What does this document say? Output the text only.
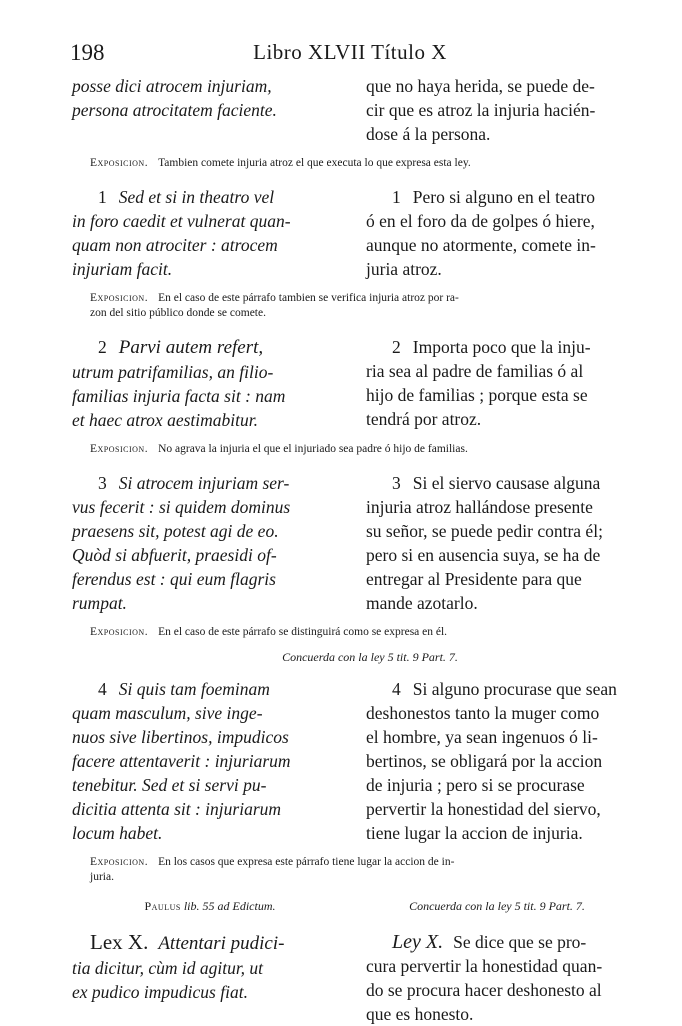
198	Libro XLVII Título X
posse dici atrocem injuriam,
persona atrocitatem faciente.
que no haya herida, se puede de-
cir que es atroz la injuria hacién-
dose á la persona.
Exposicion. Tambien comete injuria atroz el que executa lo que expresa esta ley.
1 Sed et si in theatro vel
in foro caedit et vulnerat quan-
quam non atrociter : atrocem
injuriam facit.
1 Pero si alguno en el teatro
ó en el foro da de golpes ó hiere,
aunque no atormente, comete in-
juria atroz.
Exposicion. En el caso de este párrafo tambien se verifica injuria atroz por ra-
zon del sitio público donde se comete.
2 Parvi autem refert,
utrum patrifamilias, an filio-
familias injuria facta sit : nam
et haec atrox aestimabitur.
2 Importa poco que la inju-
ria sea al padre de familias ó al
hijo de familias ; porque esta se
tendrá por atroz.
Exposicion. No agrava la injuria el que el injuriado sea padre ó hijo de familias.
3 Si atrocem injuriam ser-
vus fecerit : si quidem dominus
praesens sit, potest agi de eo.
Quòd si abfuerit, praesidi of-
ferendus est : qui eum flagris
rumpat.
3 Si el siervo causase alguna
injuria atroz hallándose presente
su señor, se puede pedir contra él;
pero si en ausencia suya, se ha de
entregar al Presidente para que
mande azotarlo.
Exposicion. En el caso de este párrafo se distinguirá como se expresa en él.
Concuerda con la ley 5 tit. 9 Part. 7.
4 Si quis tam foeminam
quam masculum, sive inge-
nuos sive libertinos, impudicos
facere attentaverit : injuriarum
tenebitur. Sed et si servi pu-
dicitia attenta sit : injuriarum
locum habet.
4 Si alguno procurase que sean
deshonestos tanto la muger como
el hombre, ya sean ingenuos ó li-
bertinos, se obligará por la accion
de injuria ; pero si se procurase
pervertir la honestidad del siervo,
tiene lugar la accion de injuria.
Exposicion. En los casos que expresa este párrafo tiene lugar la accion de in-
juria.
Paulus lib. 55 ad Edictum.	Concuerda con la ley 5 tit. 9 Part. 7.
Lex X. Attentari pudici-
tia dicitur, cùm id agitur, ut
ex pudico impudicus fiat.
Ley X. Se dice que se pro-
cura pervertir la honestidad quan-
do se procura hacer deshonesto al
que es honesto.
